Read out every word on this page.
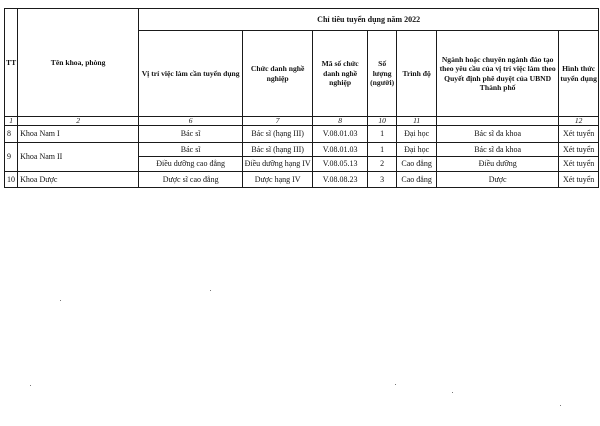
TT	Tên khoa, phòng	Chỉ tiêu tuyển dụng năm 2022						
		Vị trí việc làm cần tuyển dụng	Chức danh nghề nghiệp	Mã số chức danh nghề nghiệp	Số lượng (người)	Trình độ	Ngành hoặc chuyên ngành đào tạo theo yêu cầu của vị trí việc làm theo Quyết định phê duyệt của UBND Thành phố	Hình thức tuyển dụng
1	2	6	7	8	10	11		12
8	Khoa Nam I	Bác sĩ	Bác sĩ (hạng III)	V.08.01.03	1	Đại học	Bác sĩ đa khoa	Xét tuyển
9	Khoa Nam II	Bác sĩ	Bác sĩ (hạng III)	V.08.01.03	1	Đại học	Bác sĩ đa khoa	Xét tuyển
		Điều dưỡng cao đẳng	Điều dưỡng hạng IV	V.08.05.13	2	Cao đẳng	Điều dưỡng	Xét tuyển
10	Khoa Dược	Dược sĩ cao đẳng	Dược hạng IV	V.08.08.23	3	Cao đẳng	Dược	Xét tuyển
